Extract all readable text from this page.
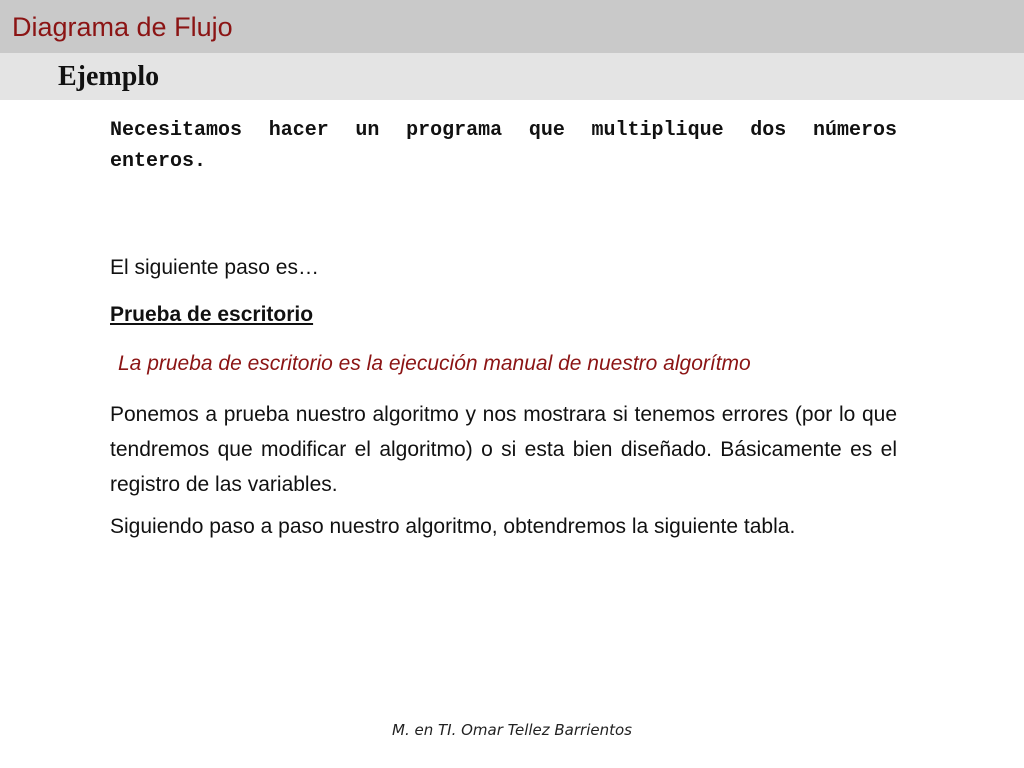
Diagrama de Flujo
Ejemplo

Necesitamos hacer un programa que multiplique dos números enteros.

El siguiente paso es…

Prueba de escritorio

La prueba de escritorio es la ejecución manual de nuestro algorítmo

Ponemos a prueba nuestro algoritmo y nos mostrara si tenemos errores (por lo que tendremos que modificar el algoritmo) o si esta bien diseñado. Básicamente es el registro de las variables.

Siguiendo paso a paso nuestro algoritmo, obtendremos la siguiente tabla.

M. en TI. Omar Tellez Barrientos
